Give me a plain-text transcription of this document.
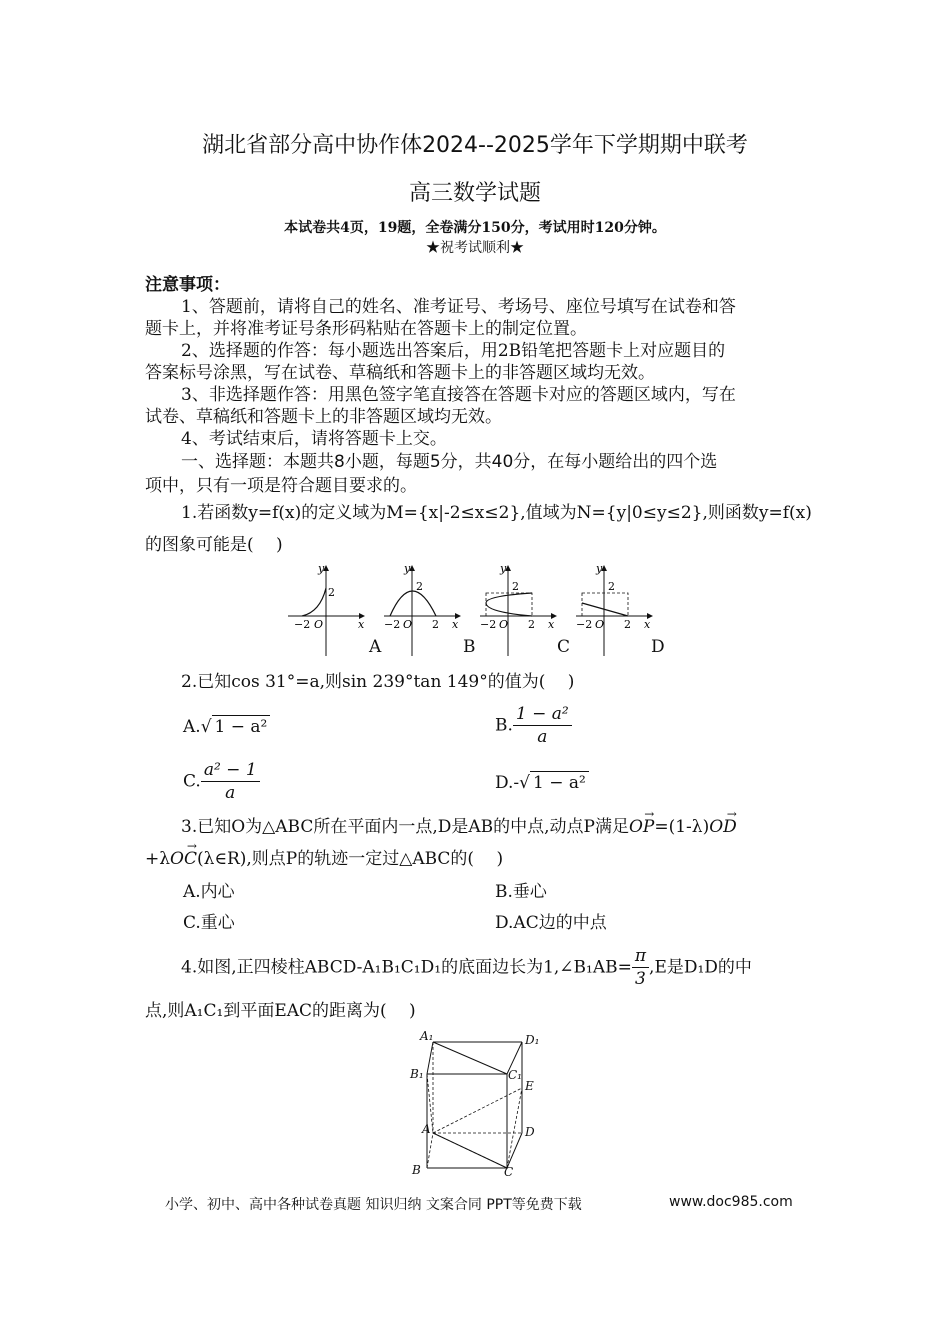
湖北省部分高中协作体2024--2025学年下学期期中联考
高三数学试题
本试卷共4页，19题，全卷满分150分，考试用时120分钟。
★祝考试顺利★
注意事项：
1、答题前，请将自己的姓名、准考证号、考场号、座位号填写在试卷和答
题卡上，并将准考证号条形码粘贴在答题卡上的制定位置。
2、选择题的作答：每小题选出答案后，用2B铅笔把答题卡上对应题目的
答案标号涂黑，写在试卷、草稿纸和答题卡上的非答题区域均无效。
3、非选择题作答：用黑色签字笔直接答在答题卡对应的答题区域内，写在
试卷、草稿纸和答题卡上的非答题区域均无效。
4、考试结束后，请将答题卡上交。
一、选择题：本题共8小题，每题5分，共40分，在每小题给出的四个选
项中，只有一项是符合题目要求的。
1.若函数y=f(x)的定义域为M={x|-2≤x≤2},值域为N={y|0≤y≤2},则函数y=f(x)
的图象可能是(　 )
y
2
−2 O	x
y
2
−2 O 2 x
y
2
−2 O 2 x
y
2
−2 O 2 x
A	B	C	D
2.已知cos 31°=a,则sin 239°tan 149°的值为(　 )
A.√ 1 − a²	B. $\frac{\text{1 − a²}}{a}$
C. $\frac{\text{a² − 1}}{a}$	D.-√ 1 − a²
3.已知O为△ABC所在平面内一点,D是AB的中点,动点P满足→ OP=(1-λ)→ OD
+λ→ OC(λ∈R),则点P的轨迹一定过△ABC的(　 )
A.内心	B.垂心
C.重心	D.AC边的中点
4.如图,正四棱柱ABCD-A₁B₁C₁D₁的底面边长为1,∠B₁AB= $\frac{\pi}{3} ,E$是D₁D的中
点,则A₁C₁到平面EAC的距离为(　 )
A₁	D₁
B₁	C₁
E
A	D
B	C
小学、初中、高中各种试卷真题 知识归纳 文案合同 PPT等免费下载	www.doc985.com
